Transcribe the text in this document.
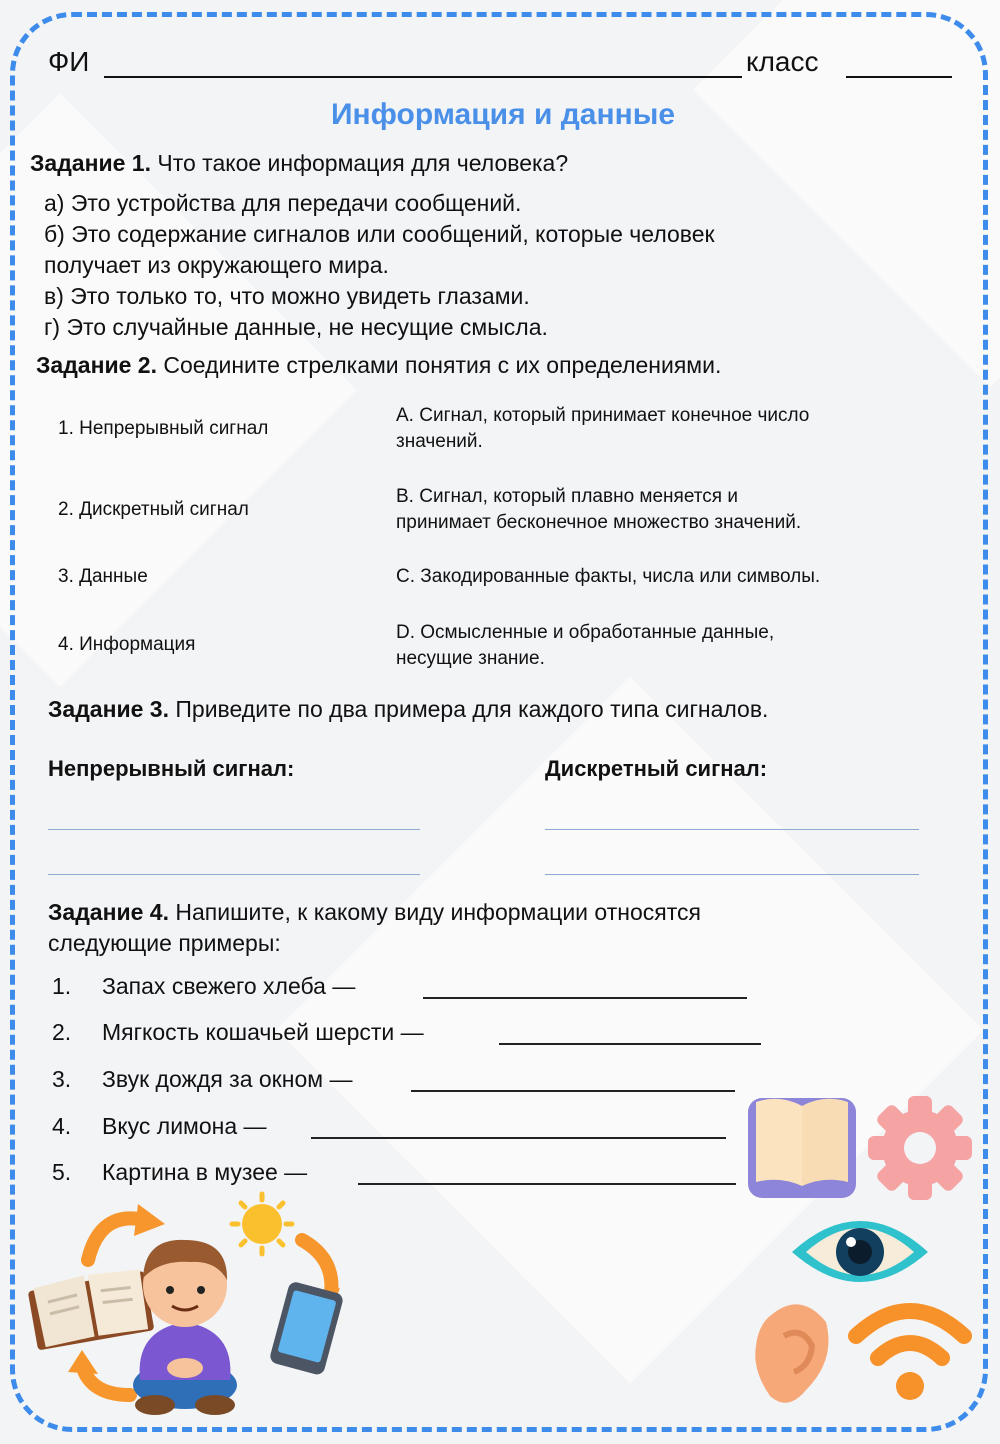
ФИ	класс
Информация и данные
Задание 1. Что такое информация для человека?
а) Это устройства для передачи сообщений.
б) Это содержание сигналов или сообщений, которые человек
получает из окружающего мира.
в) Это только то, что можно увидеть глазами.
г) Это случайные данные, не несущие смысла.
Задание 2. Соедините стрелками понятия с их определениями.
1. Непрерывный сигнал
2. Дискретный сигнал
3. Данные
4. Информация
A. Сигнал, который принимает конечное число
значений.
B. Сигнал, который плавно меняется и
принимает бесконечное множество значений.
C. Закодированные факты, числа или символы.
D. Осмысленные и обработанные данные,
несущие знание.
Задание 3. Приведите по два примера для каждого типа сигналов.
Непрерывный сигнал:	Дискретный сигнал:
Задание 4. Напишите, к какому виду информации относятся
следующие примеры:
1. Запах свежего хлеба —
2. Мягкость кошачьей шерсти —
3. Звук дождя за окном —
4. Вкус лимона —
5. Картина в музее —
